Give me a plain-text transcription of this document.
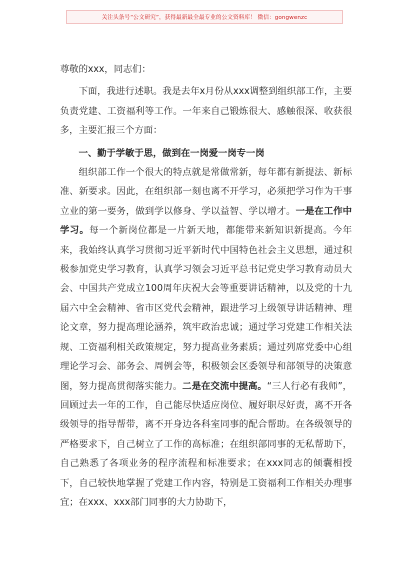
关注头条号“公文研究”，获得最新最全最专业的公文资料库！ 微信：gongwenzc

尊敬的xxx，同志们：

下面，我进行述职。我是去年x月份从xxx调整到组织部工作，主要负责党建、工资福利等工作。一年来自己锻炼很大、感触很深、收获很多，主要汇报三个方面：

一、勤于学敏于思，做到在一岗爱一岗专一岗

组织部工作一个很大的特点就是常做常新，每年都有新提法、新标准、新要求。因此，在组织部一刻也离不开学习，必须把学习作为干事立业的第一要务，做到学以修身、学以益智、学以增才。一是在工作中学习。每一个新岗位都是一片新天地，都能带来新知识新提高。今年来，我始终认真学习贯彻习近平新时代中国特色社会主义思想，通过积极参加党史学习教育，认真学习领会习近平总书记党史学习教育动员大会、中国共产党成立100周年庆祝大会等重要讲话精神，以及党的十九届六中全会精神、省市区党代会精神，跟进学习上级领导讲话精神、理论文章，努力提高理论涵养，筑牢政治忠诚；通过学习党建工作相关法规、工资福利相关政策规定，努力提高业务素质；通过列席党委中心组理论学习会、部务会、周例会等，积极领会区委领导和部领导的决策意图，努力提高贯彻落实能力。二是在交流中提高。“三人行必有我师”，回顾过去一年的工作，自己能尽快适应岗位、履好职尽好责，离不开各级领导的指导帮带，离不开身边各科室同事的配合帮助。在各级领导的严格要求下，自己树立了工作的高标准；在组织部同事的无私帮助下，自己熟悉了各项业务的程序流程和标准要求；在xxx同志的倾囊相授下，自己较快地掌握了党建工作内容，特别是工资福利工作相关办理事宜；在xxx、xxx部门同事的大力协助下，
